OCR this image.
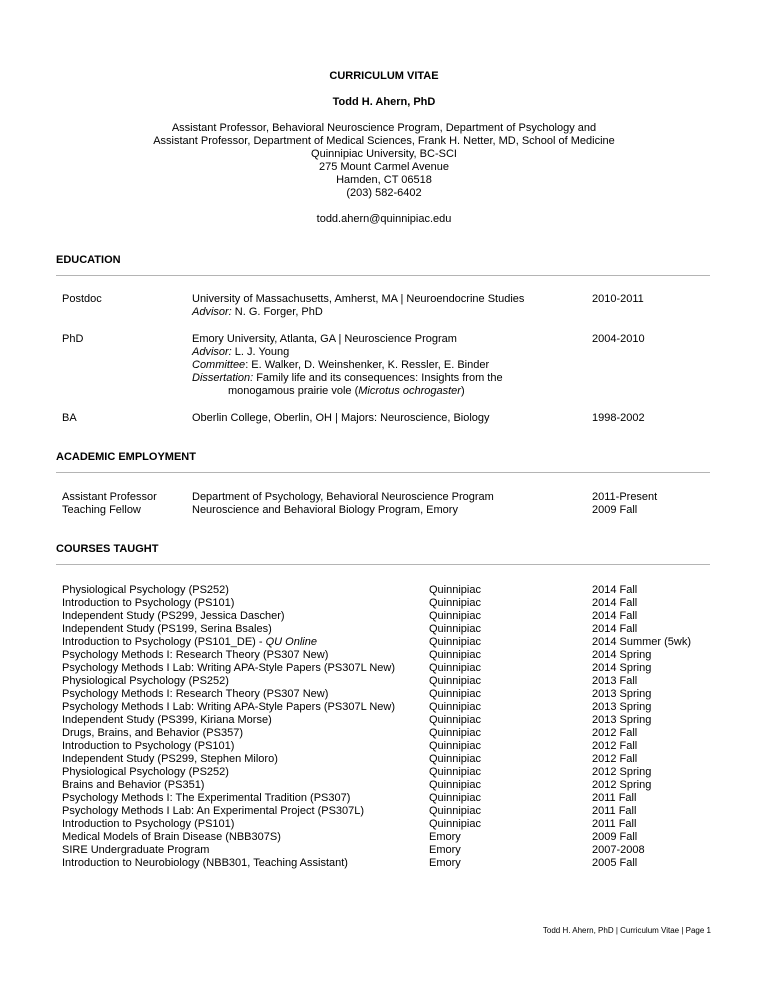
CURRICULUM VITAE
Todd H. Ahern, PhD
Assistant Professor, Behavioral Neuroscience Program, Department of Psychology and
Assistant Professor, Department of Medical Sciences, Frank H. Netter, MD, School of Medicine
Quinnipiac University, BC-SCI
275 Mount Carmel Avenue
Hamden, CT 06518
(203) 582-6402
todd.ahern@quinnipiac.edu
EDUCATION
Postdoc	University of Massachusetts, Amherst, MA | Neuroendocrine Studies	2010-2011
Advisor: N. G. Forger, PhD
PhD	Emory University, Atlanta, GA | Neuroscience Program	2004-2010
Advisor: L. J. Young
Committee: E. Walker, D. Weinshenker, K. Ressler, E. Binder
Dissertation: Family life and its consequences: Insights from the
monogamous prairie vole (Microtus ochrogaster)
BA	Oberlin College, Oberlin, OH | Majors: Neuroscience, Biology	1998-2002
ACADEMIC EMPLOYMENT
Assistant Professor	Department of Psychology, Behavioral Neuroscience Program	2011-Present
Teaching Fellow	Neuroscience and Behavioral Biology Program, Emory	2009 Fall
COURSES TAUGHT
Physiological Psychology (PS252)	Quinnipiac	2014 Fall
Introduction to Psychology (PS101)	Quinnipiac	2014 Fall
Independent Study (PS299, Jessica Dascher)	Quinnipiac	2014 Fall
Independent Study (PS199, Serina Bsales)	Quinnipiac	2014 Fall
Introduction to Psychology (PS101_DE) - QU Online	Quinnipiac	2014 Summer (5wk)
Psychology Methods I: Research Theory (PS307 New)	Quinnipiac	2014 Spring
Psychology Methods I Lab: Writing APA-Style Papers (PS307L New)	Quinnipiac	2014 Spring
Physiological Psychology (PS252)	Quinnipiac	2013 Fall
Psychology Methods I: Research Theory (PS307 New)	Quinnipiac	2013 Spring
Psychology Methods I Lab: Writing APA-Style Papers (PS307L New)	Quinnipiac	2013 Spring
Independent Study (PS399, Kiriana Morse)	Quinnipiac	2013 Spring
Drugs, Brains, and Behavior (PS357)	Quinnipiac	2012 Fall
Introduction to Psychology (PS101)	Quinnipiac	2012 Fall
Independent Study (PS299, Stephen Miloro)	Quinnipiac	2012 Fall
Physiological Psychology (PS252)	Quinnipiac	2012 Spring
Brains and Behavior (PS351)	Quinnipiac	2012 Spring
Psychology Methods I: The Experimental Tradition (PS307)	Quinnipiac	2011 Fall
Psychology Methods I Lab: An Experimental Project (PS307L)	Quinnipiac	2011 Fall
Introduction to Psychology (PS101)	Quinnipiac	2011 Fall
Medical Models of Brain Disease (NBB307S)	Emory	2009 Fall
SIRE Undergraduate Program	Emory	2007-2008
Introduction to Neurobiology (NBB301, Teaching Assistant)	Emory	2005 Fall
Todd H. Ahern, PhD | Curriculum Vitae | Page 1
